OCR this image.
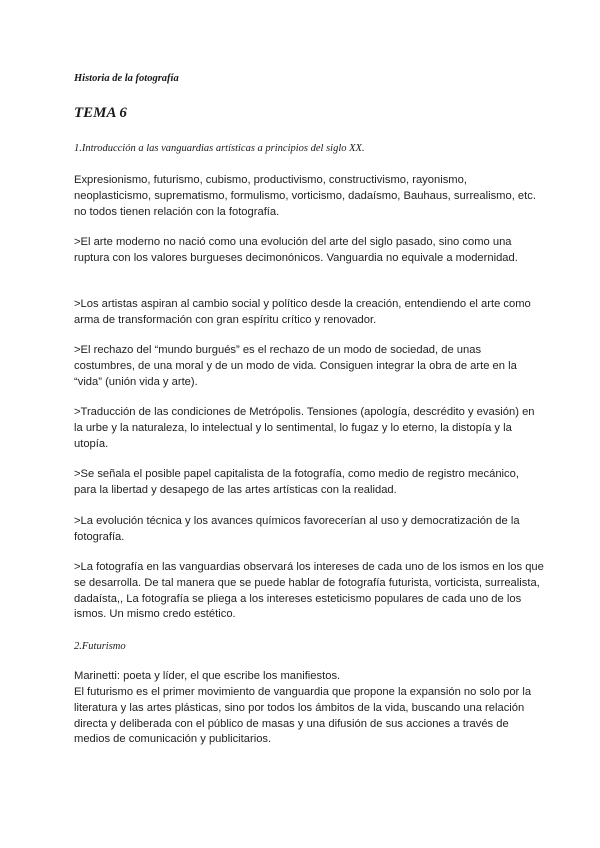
Historia de la fotografía
TEMA 6
1.Introducción a las vanguardias artísticas a principios del siglo XX.
Expresionismo, futurismo, cubismo, productivismo, constructivismo, rayonismo, neoplasticismo, suprematismo, formulismo, vorticismo, dadaísmo, Bauhaus, surrealismo, etc. no todos tienen relación con la fotografía.
>El arte moderno no nació como una evolución del arte del siglo pasado, sino como una ruptura con los valores burgueses decimonónicos. Vanguardia no equivale a modernidad.
>Los artistas aspiran al cambio social y político desde la creación, entendiendo el arte como arma de transformación con gran espíritu crítico y renovador.
>El rechazo del “mundo burgués” es el rechazo de un modo de sociedad, de unas costumbres, de una moral y de un modo de vida. Consiguen integrar la obra de arte en la “vida” (unión vida y arte).
>Traducción de las condiciones de Metrópolis. Tensiones (apología, descrédito y evasión) en la urbe y la naturaleza, lo intelectual y lo sentimental, lo fugaz y lo eterno, la distopía y la utopía.
>Se señala el posible papel capitalista de la fotografía, como medio de registro mecánico, para la libertad y desapego de las artes artísticas con la realidad.
>La evolución técnica y los avances químicos favorecerían al uso y democratización de la fotografía.
>La fotografía en las vanguardias observará los intereses de cada uno de los ismos en los que se desarrolla. De tal manera que se puede hablar de fotografía futurista, vorticista, surrealista, dadaísta,, La fotografía se pliega a los intereses esteticismo populares de cada uno de los ismos. Un mismo credo estético.
2.Futurismo
Marinetti: poeta y líder, el que escribe los manifiestos.
El futurismo es el primer movimiento de vanguardia que propone la expansión no solo por la literatura y las artes plásticas, sino por todos los ámbitos de la vida, buscando una relación directa y deliberada con el público de masas y una difusión de sus acciones a través de medios de comunicación y publicitarios.
